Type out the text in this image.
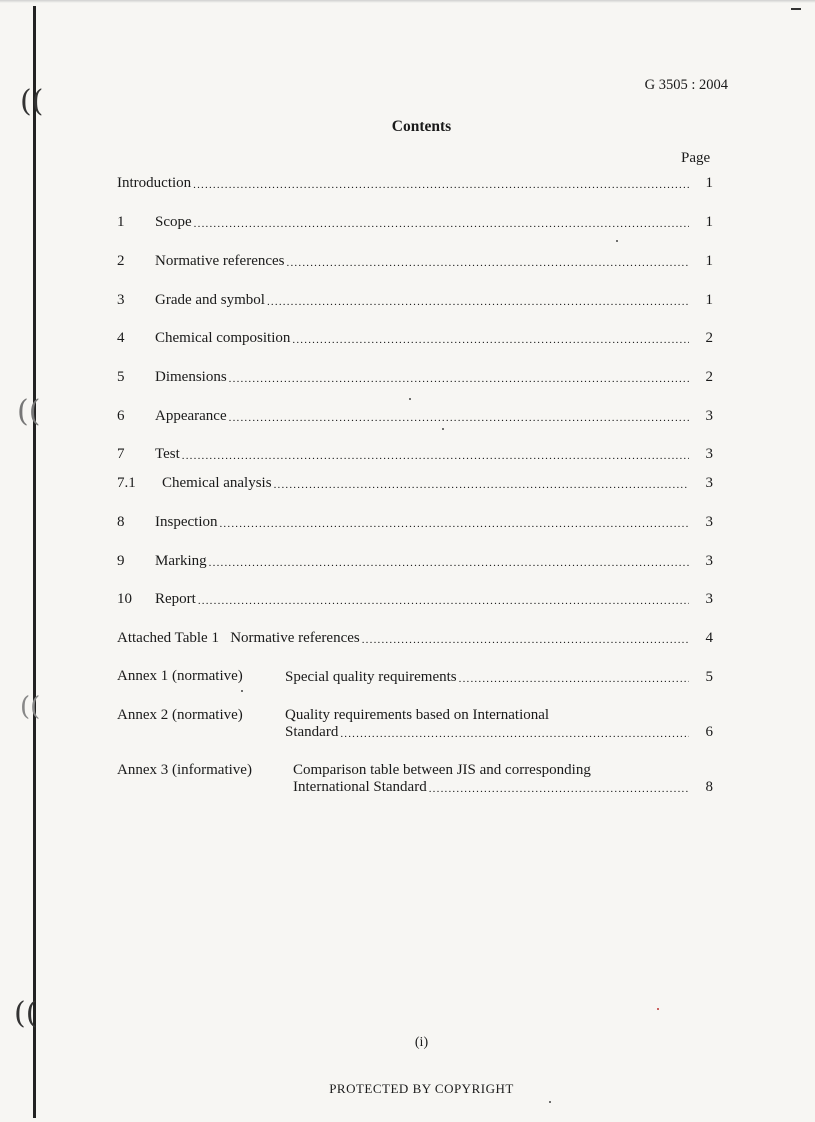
((
((
((
((
G 3505 : 2004
Contents
Page
Introduction .....	1
1	Scope .....	1
2	Normative references .....	1
3	Grade and symbol .....	1
4	Chemical composition .....	2
5	Dimensions .....	2
6	Appearance .....	3
7	Test .....	3
7.1	Chemical analysis .....	3
8	Inspection .....	3
9	Marking .....	3
10	Report .....	3
Attached Table 1   Normative references .....	4
Annex 1 (normative)	Special quality requirements .....	5
Annex 2 (normative)	Quality requirements based on International
Standard .....	6
Annex 3 (informative)	Comparison table between JIS and corresponding
International Standard .....	8
(i)
PROTECTED BY COPYRIGHT
